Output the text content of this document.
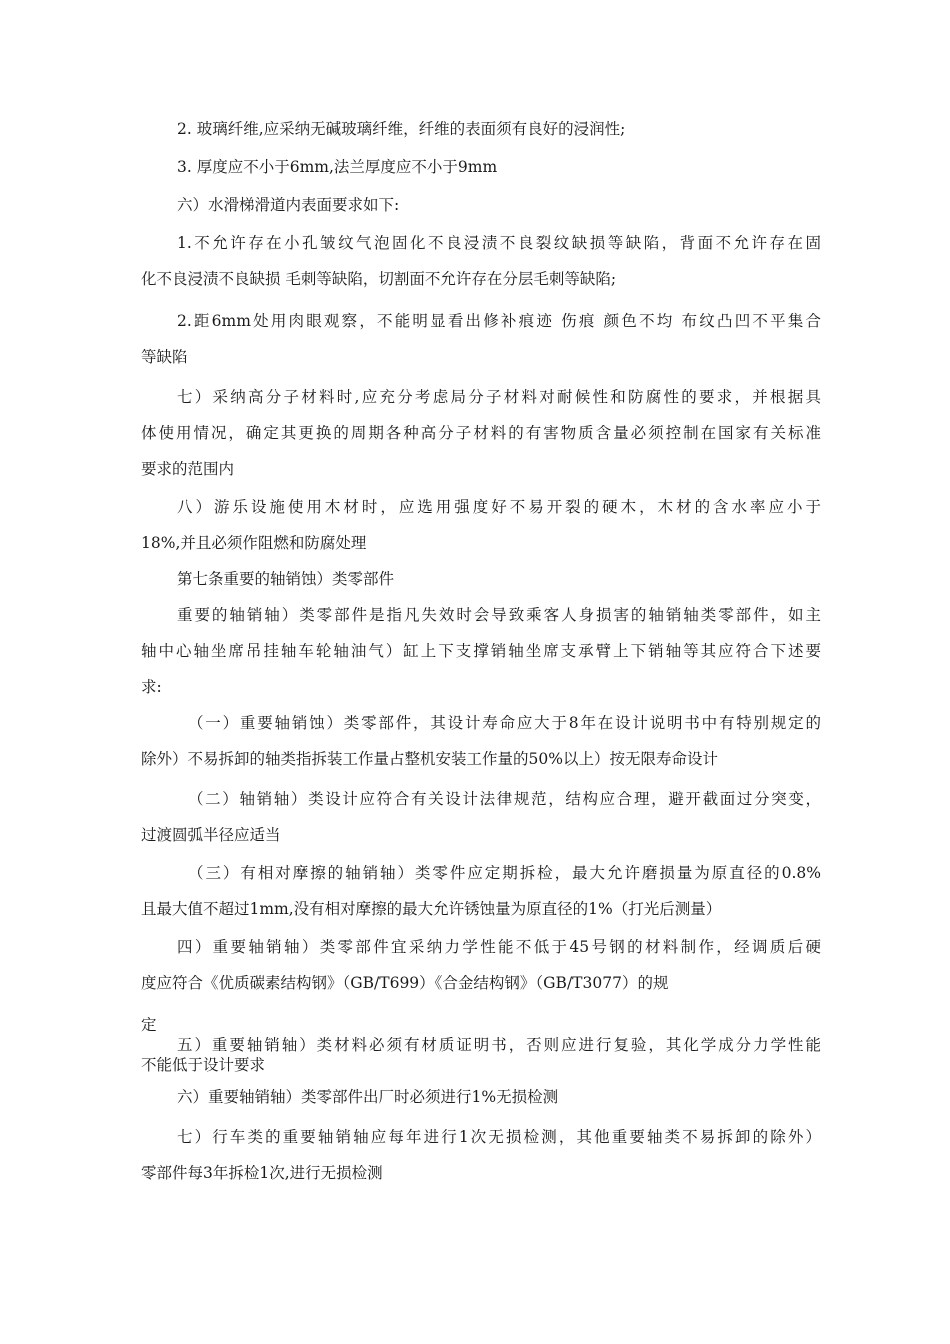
2. 玻璃纤维,应采纳无碱玻璃纤维，纤维的表面须有良好的浸润性;
3. 厚度应不小于6mm,法兰厚度应不小于9mm
六）水滑梯滑道内表面要求如下:
1.不允许存在小孔皱纹气泡固化不良浸渍不良裂纹缺损等缺陷，背面不允许存在固
化不良浸渍不良缺损 毛刺等缺陷，切割面不允许存在分层毛刺等缺陷;
2.距6mm处用肉眼观察，不能明显看出修补痕迹 伤痕 颜色不均 布纹凸凹不平集合
等缺陷
七）采纳高分子材料时,应充分考虑局分子材料对耐候性和防腐性的要求，并根据具
体使用情况，确定其更换的周期各种高分子材料的有害物质含量必须控制在国家有关标准
要求的范围内
八）游乐设施使用木材时，应选用强度好不易开裂的硬木，木材的含水率应小于
18%,并且必须作阻燃和防腐处理
第七条重要的轴销蚀）类零部件
重要的轴销轴）类零部件是指凡失效时会导致乘客人身损害的轴销轴类零部件，如主
轴中心轴坐席吊挂轴车轮轴油气）缸上下支撑销轴坐席支承臂上下销轴等其应符合下述要
求:
（一）重要轴销蚀）类零部件，其设计寿命应大于8年在设计说明书中有特别规定的
除外）不易拆卸的轴类指拆装工作量占整机安装工作量的50%以上）按无限寿命设计
（二）轴销轴）类设计应符合有关设计法律规范，结构应合理，避开截面过分突变，
过渡圆弧半径应适当
（三）有相对摩擦的轴销轴）类零件应定期拆检，最大允许磨损量为原直径的0.8%
且最大值不超过1mm,没有相对摩擦的最大允许锈蚀量为原直径的1%（打光后测量）
四）重要轴销轴）类零部件宜采纳力学性能不低于45号钢的材料制作，经调质后硬
度应符合《优质碳素结构钢》（GB/T699）《合金结构钢》（GB/T3077）的规
定
五）重要轴销轴）类材料必须有材质证明书，否则应进行复验，其化学成分力学性能
不能低于设计要求
六）重要轴销轴）类零部件出厂时必须进行1%无损检测
七）行车类的重要轴销轴应每年进行1次无损检测，其他重要轴类不易拆卸的除外）
零部件每3年拆检1次,进行无损检测
